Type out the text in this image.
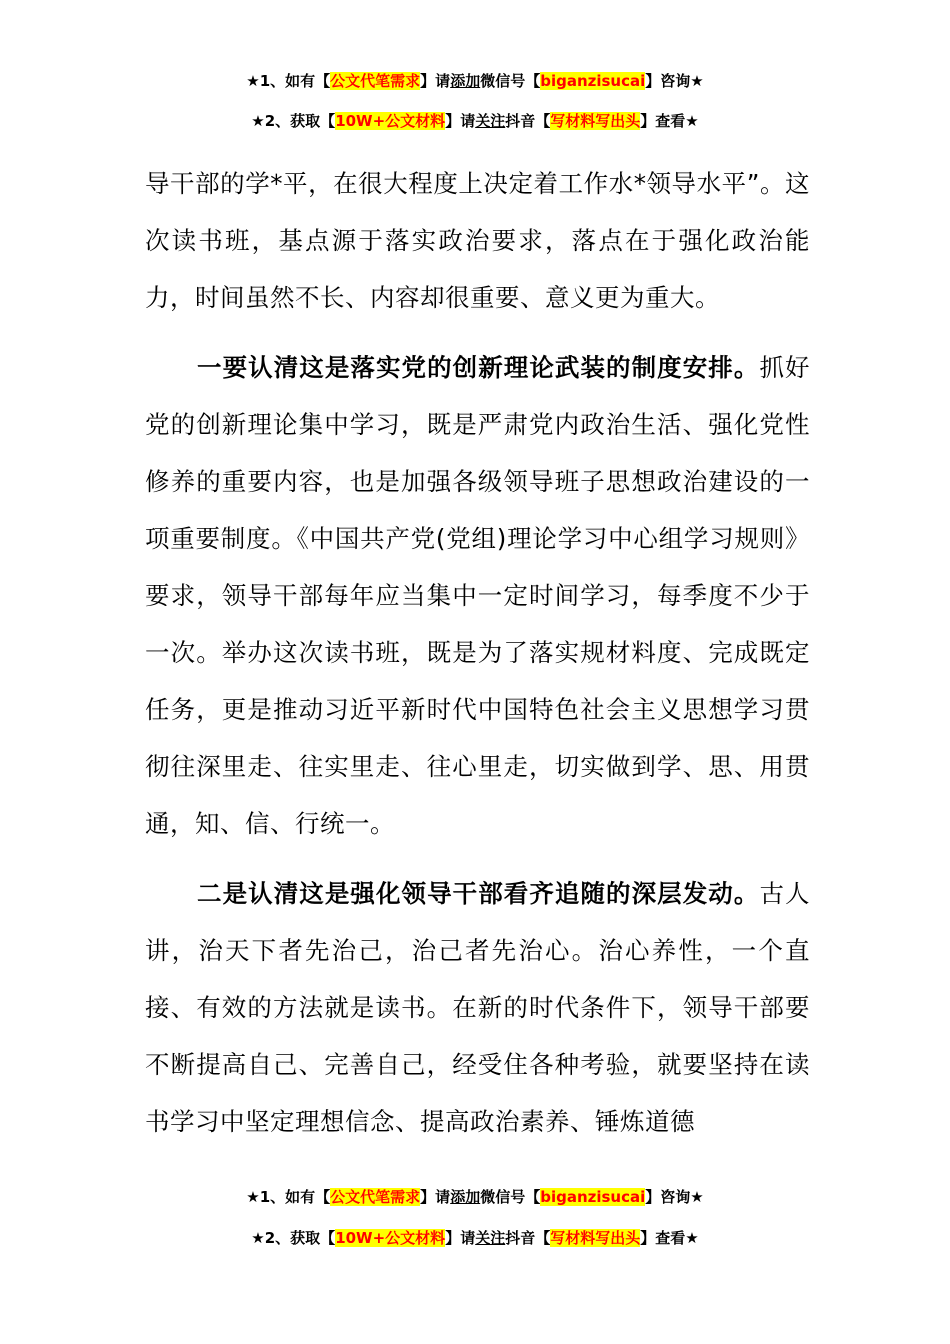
★1、如有【公文代笔需求】请添加微信号【biganzisucai】咨询★
★2、获取【10W+公文材料】请关注抖音【写材料写出头】查看★

导干部的学*平，在很大程度上决定着工作水*领导水平”。这次读书班，基点源于落实政治要求，落点在于强化政治能力，时间虽然不长、内容却很重要、意义更为重大。

一要认清这是落实党的创新理论武装的制度安排。抓好党的创新理论集中学习，既是严肃党内政治生活、强化党性修养的重要内容，也是加强各级领导班子思想政治建设的一项重要制度。《中国共产党(党组)理论学习中心组学习规则》要求，领导干部每年应当集中一定时间学习，每季度不少于一次。举办这次读书班，既是为了落实规材料度、完成既定任务，更是推动习近平新时代中国特色社会主义思想学习贯彻往深里走、往实里走、往心里走，切实做到学、思、用贯通，知、信、行统一。

二是认清这是强化领导干部看齐追随的深层发动。古人讲，治天下者先治己，治己者先治心。治心养性，一个直接、有效的方法就是读书。在新的时代条件下，领导干部要不断提高自己、完善自己，经受住各种考验，就要坚持在读书学习中坚定理想信念、提高政治素养、锤炼道德

★1、如有【公文代笔需求】请添加微信号【biganzisucai】咨询★
★2、获取【10W+公文材料】请关注抖音【写材料写出头】查看★
